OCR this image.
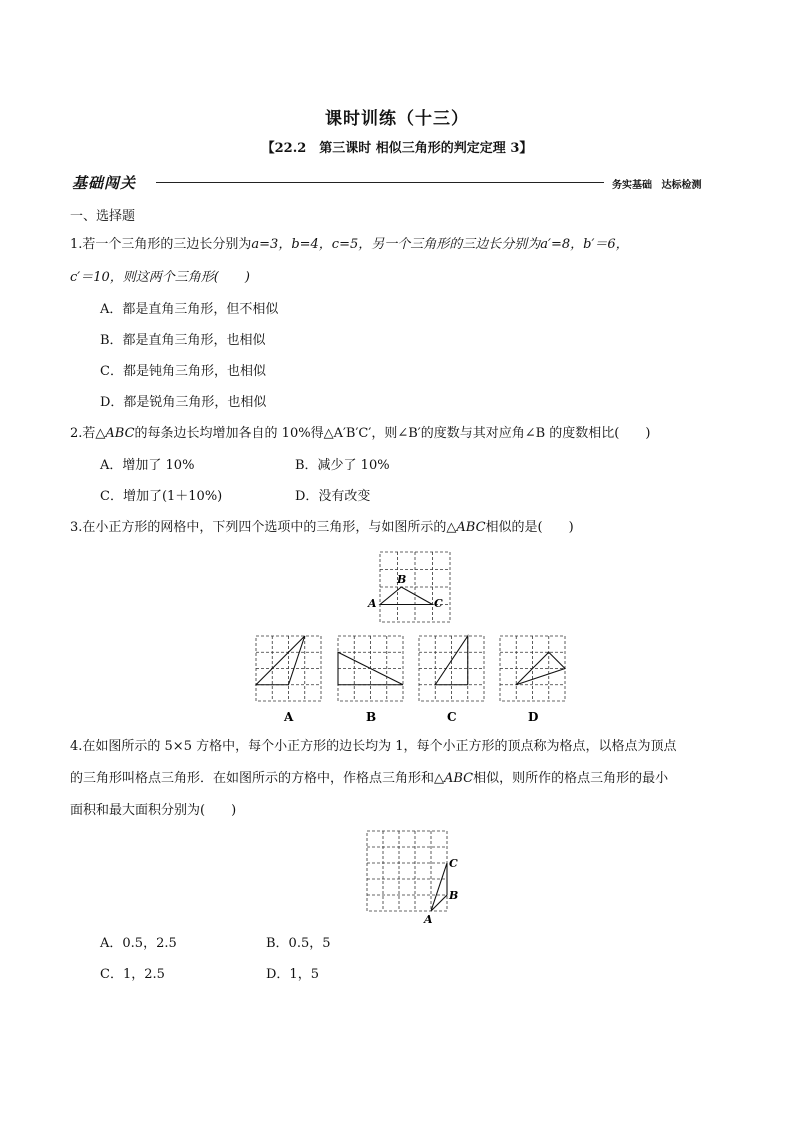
课时训练（十三）
【22.2　第三课时 相似三角形的判定定理 3】
基础闯关	务实基础 达标检测
一、选择题
1.若一个三角形的三边长分别为a=3，b=4，c=5，另一个三角形的三边长分别为a′=8，b′＝6，
c′＝10，则这两个三角形(　　)
A．都是直角三角形，但不相似
B．都是直角三角形，也相似
C．都是钝角三角形，也相似
D．都是锐角三角形，也相似
2.若△ABC的每条边长均增加各自的 10%得△A′B′C′，则∠B′的度数与其对应角∠B 的度数相比(　　)
A．增加了 10%	B．减少了 10%
C．增加了(1＋10%)	D．没有改变
3.在小正方形的网格中，下列四个选项中的三角形，与如图所示的△ABC相似的是(　　)
A
B
C
A	B	C	D
4.在如图所示的 5×5 方格中，每个小正方形的边长均为 1，每个小正方形的顶点称为格点，以格点为顶点
的三角形叫格点三角形．在如图所示的方格中，作格点三角形和△ABC相似，则所作的格点三角形的最小
面积和最大面积分别为(　　)
A
B
C
A．0.5，2.5	B．0.5，5
C．1，2.5	D．1，5
